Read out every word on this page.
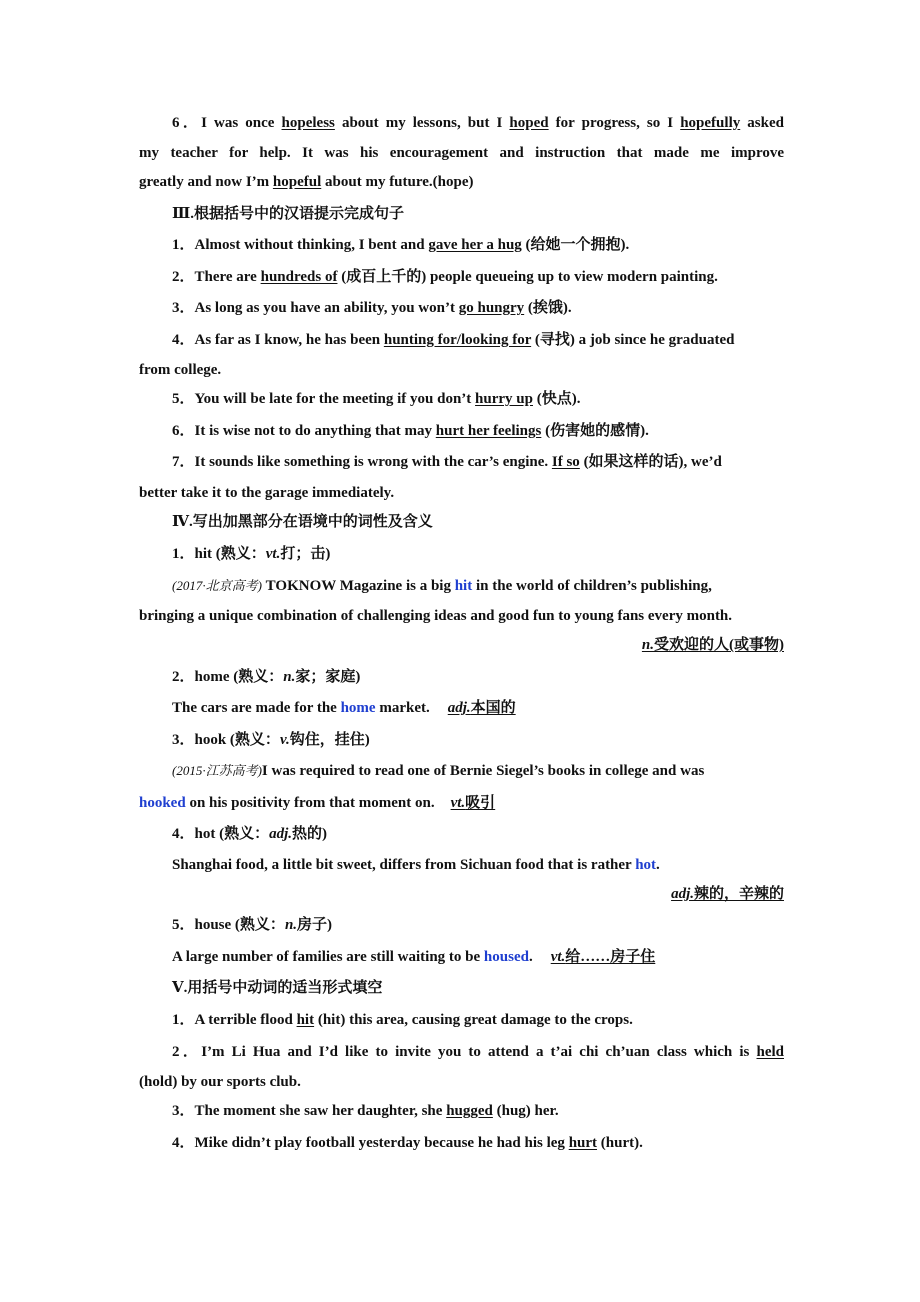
6．I was once hopeless about my lessons, but I hoped for progress, so I hopefully asked
my teacher for help. It was his encouragement and instruction that made me improve
greatly and now I’m hopeful about my future.(hope)
Ⅲ.根据括号中的汉语提示完成句子
1．Almost without thinking, I bent and gave her a hug (给她一个拥抱).
2．There are hundreds of (成百上千的) people queueing up to view modern painting.
3．As long as you have an ability, you won’t go hungry (挨饿).
4．As far as I know, he has been hunting for/looking for (寻找) a job since he graduated
from college.
5．You will be late for the meeting if you don’t hurry up (快点).
6．It is wise not to do anything that may hurt her feelings (伤害她的感情).
7．It sounds like something is wrong with the car’s engine. If so (如果这样的话), we’d
better take it to the garage immediately.
Ⅳ.写出加黑部分在语境中的词性及含义
1．hit (熟义：vt.打；击)
(2017·北京高考) TOKNOW Magazine is a big hit in the world of children’s publishing,
bringing a unique combination of challenging ideas and good fun to young fans every month.
n.受欢迎的人(或事物)
2．home (熟义：n.家；家庭)
The cars are made for the home market. adj.本国的
3．hook (熟义：v.钩住，挂住)
(2015·江苏高考)I was required to read one of Bernie Siegel’s books in college and was
hooked on his positivity from that moment on. vt.吸引
4．hot (熟义：adj.热的)
Shanghai food, a little bit sweet, differs from Sichuan food that is rather hot.
adj.辣的，辛辣的
5．house (熟义：n.房子)
A large number of families are still waiting to be housed. vt.给……房子住
Ⅴ.用括号中动词的适当形式填空
1．A terrible flood hit (hit) this area, causing great damage to the crops.
2．I’m Li Hua and I’d like to invite you to attend a t’ai chi ch’uan class which is held
(hold) by our sports club.
3．The moment she saw her daughter, she hugged (hug) her.
4．Mike didn’t play football yesterday because he had his leg hurt (hurt).
